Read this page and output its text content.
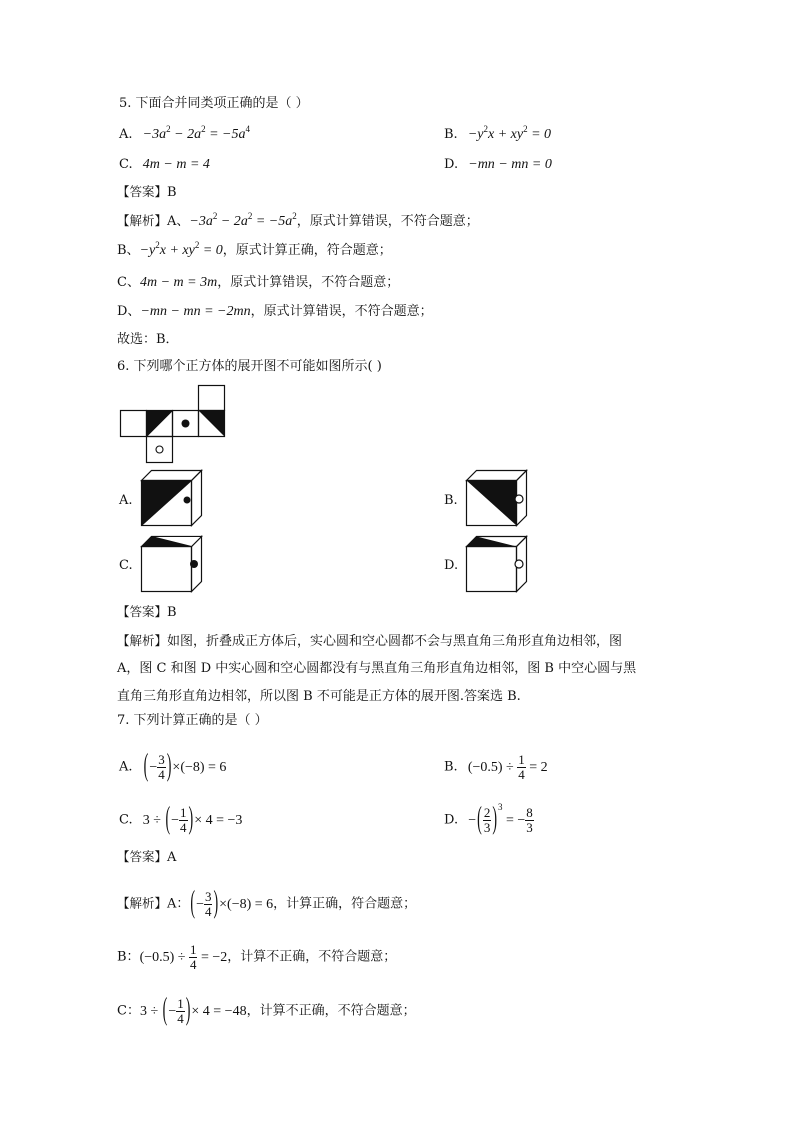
5. 下面合并同类项正确的是（ ）
A. $-3a^2 - 2a^2 = -5a^4$	B. $-y^2x + xy^2 = 0$
C. 4m − m = 4	D. −mn − mn = 0
【答案】B
【解析】A、$-3a^2 - 2a^2 = -5a^2$，原式计算错误，不符合题意；
B、$-y^2x + xy^2 = 0$，原式计算正确，符合题意；
C、4m − m = 3m，原式计算错误，不符合题意；
D、−mn − mn = −2mn，原式计算错误，不符合题意；
故选：B．
6. 下列哪个正方体的展开图不可能如图所示( )
A.	B.
C.	D.
【答案】B
【解析】如图，折叠成正方体后，实心圆和空心圆都不会与黑直角三角形直角边相邻，图
A，图 C 和图 D 中实心圆和空心圆都没有与黑直角三角形直角边相邻，图 B 中空心圆与黑
直角三角形直角边相邻，所以图 B 不可能是正方体的展开图.答案选 B.
7. 下列计算正确的是（ ）
A. (− $\frac{3}{4} )\times(-8) = 6$	B. $(-0.5) \div \frac{1}{4} = 2$
C. 3 ÷ (− $\frac{1}{4}$ )× 4 = −3	D. −( $\frac{2}{3} )^3$ = − $\frac{8}{3}$
【答案】A
【解析】A：(− $\frac{3}{4} )\times(-8) = 6$，计算正确，符合题意；
B：$(-0.5) \div \frac{1}{4} = -2$，计算不正确，不符合题意；
C：3 ÷ (− $\frac{1}{4}$ )× 4 = −48，计算不正确，不符合题意；
